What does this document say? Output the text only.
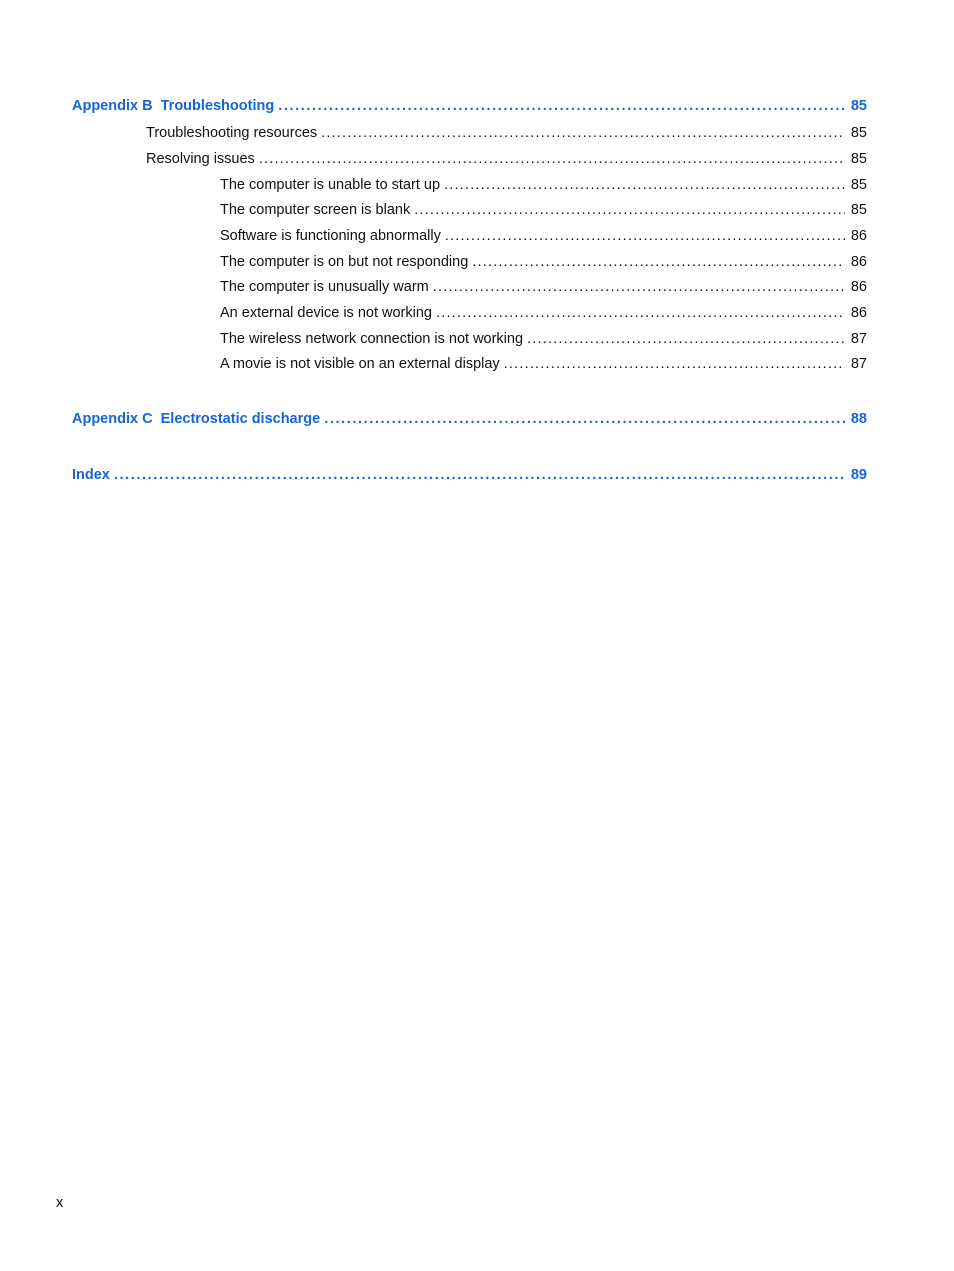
Appendix B Troubleshooting .....	85
Troubleshooting resources .....	85
Resolving issues .....	85
The computer is unable to start up .....	85
The computer screen is blank .....	85
Software is functioning abnormally .....	86
The computer is on but not responding .....	86
The computer is unusually warm .....	86
An external device is not working .....	86
The wireless network connection is not working .....	87
A movie is not visible on an external display .....	87
Appendix C Electrostatic discharge .....	88
Index .....	89
x
